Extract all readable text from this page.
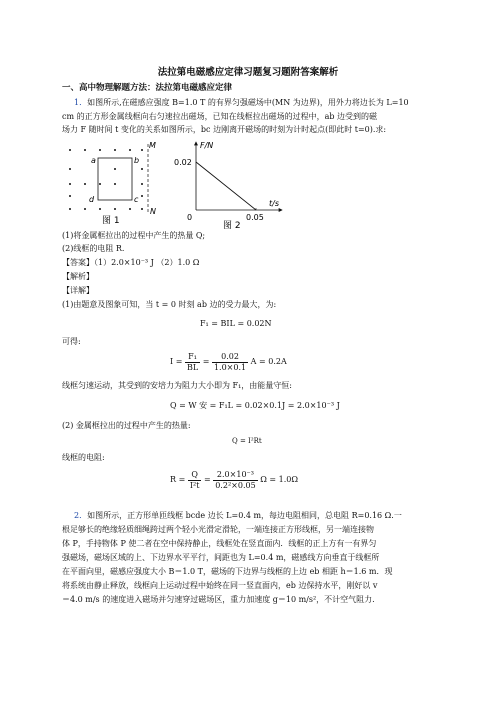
法拉第电磁感应定律习题复习题附答案解析
一、高中物理解题方法：法拉第电磁感应定律
1．如图所示,在磁感应强度 B=1.0 T 的有界匀强磁场中(MN 为边界)，用外力将边长为 L=10
cm 的正方形金属线框向右匀速拉出磁场，已知在线框拉出磁场的过程中，ab 边受到的磁
场力 F 随时间 t 变化的关系如图所示，bc 边刚离开磁场的时刻为计时起点(即此时 t=0).求:
M
N
a	b
c
d
图 1
F/N
t/s
0.02
0	0.05
图 2
(1)将金属框拉出的过程中产生的热量 Q;
(2)线框的电阻 R.
【答案】（1）2.0×10⁻³ J （2）1.0 Ω
【解析】
【详解】
(1)由题意及图象可知，当 t = 0 时刻 ab 边的受力最大，为:
F₁ = BIL = 0.02N
可得:
$I = \frac{\text{F₁}}{BL} = \frac{0.02}{1.0\times 0.1}$ A = 0.2A
线框匀速运动，其受到的安培力为阻力大小即为 F₁，由能量守恒:
Q = W 安 = F₁L = 0.02×0.1J = 2.0×10⁻³ J
(2) 金属框拉出的过程中产生的热量:
Q = I²Rt
线框的电阻:
$R = \frac{Q}{\text{I²t}} = \frac{\text{2.0×10⁻³}}{\text{0.2²×0.05}}$ Ω = 1.0Ω
2．如图所示，正方形单匝线框 bcde 边长 L=0.4 m，每边电阻相同，总电阻 R=0.16 Ω.一
根足够长的绝缘轻质细绳跨过两个轻小光滑定滑轮，一端连接正方形线框，另一端连接物
体 P，手持物体 P 使二者在空中保持静止，线框处在竖直面内．线框的正上方有一有界匀
强磁场，磁场区域的上、下边界水平平行，间距也为 L=0.4 m，磁感线方向垂直于线框所
在平面向里，磁感应强度大小 B＝1.0 T，磁场的下边界与线框的上边 eb 相距 h＝1.6 m．现
将系统由静止释放，线框向上运动过程中始终在同一竖直面内，eb 边保持水平，刚好以 v
＝4.0 m/s 的速度进入磁场并匀速穿过磁场区，重力加速度 g＝10 m/s²，不计空气阻力.
